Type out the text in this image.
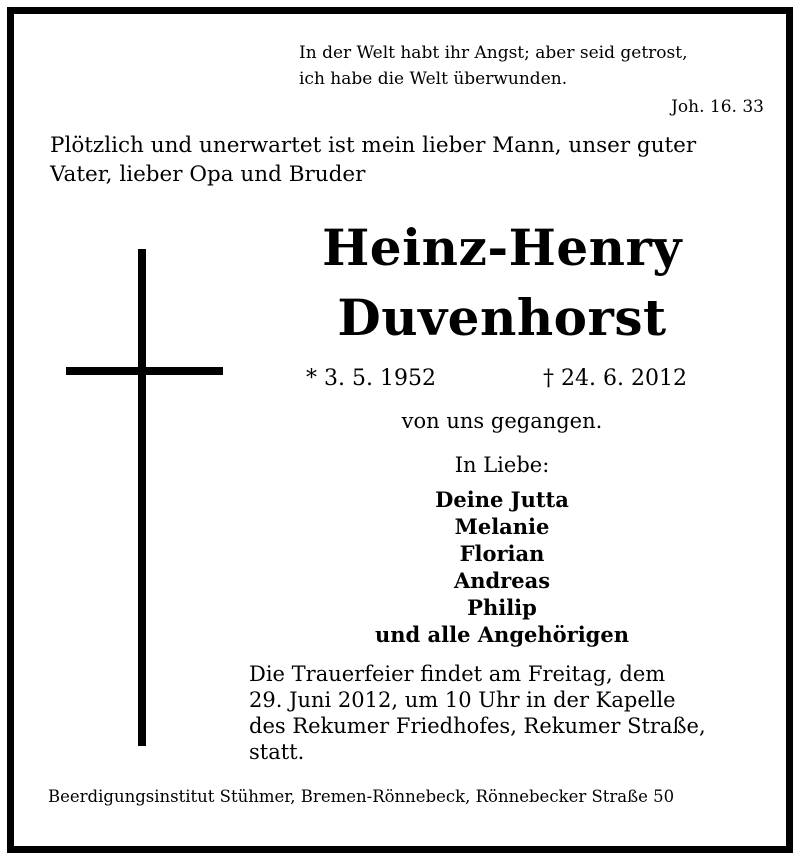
In der Welt habt ihr Angst; aber seid getrost,
ich habe die Welt überwunden.
Joh. 16. 33
Plötzlich und unerwartet ist mein lieber Mann, unser guter
Vater, lieber Opa und Bruder
Heinz-Henry
Duvenhorst
* 3. 5. 1952	† 24. 6. 2012
von uns gegangen.
In Liebe:
Deine Jutta
Melanie
Florian
Andreas
Philip
und alle Angehörigen
Die Trauerfeier findet am Freitag, dem
29. Juni 2012, um 10 Uhr in der Kapelle
des Rekumer Friedhofes, Rekumer Straße,
statt.
Beerdigungsinstitut Stühmer, Bremen-Rönnebeck, Rönnebecker Straße 50
